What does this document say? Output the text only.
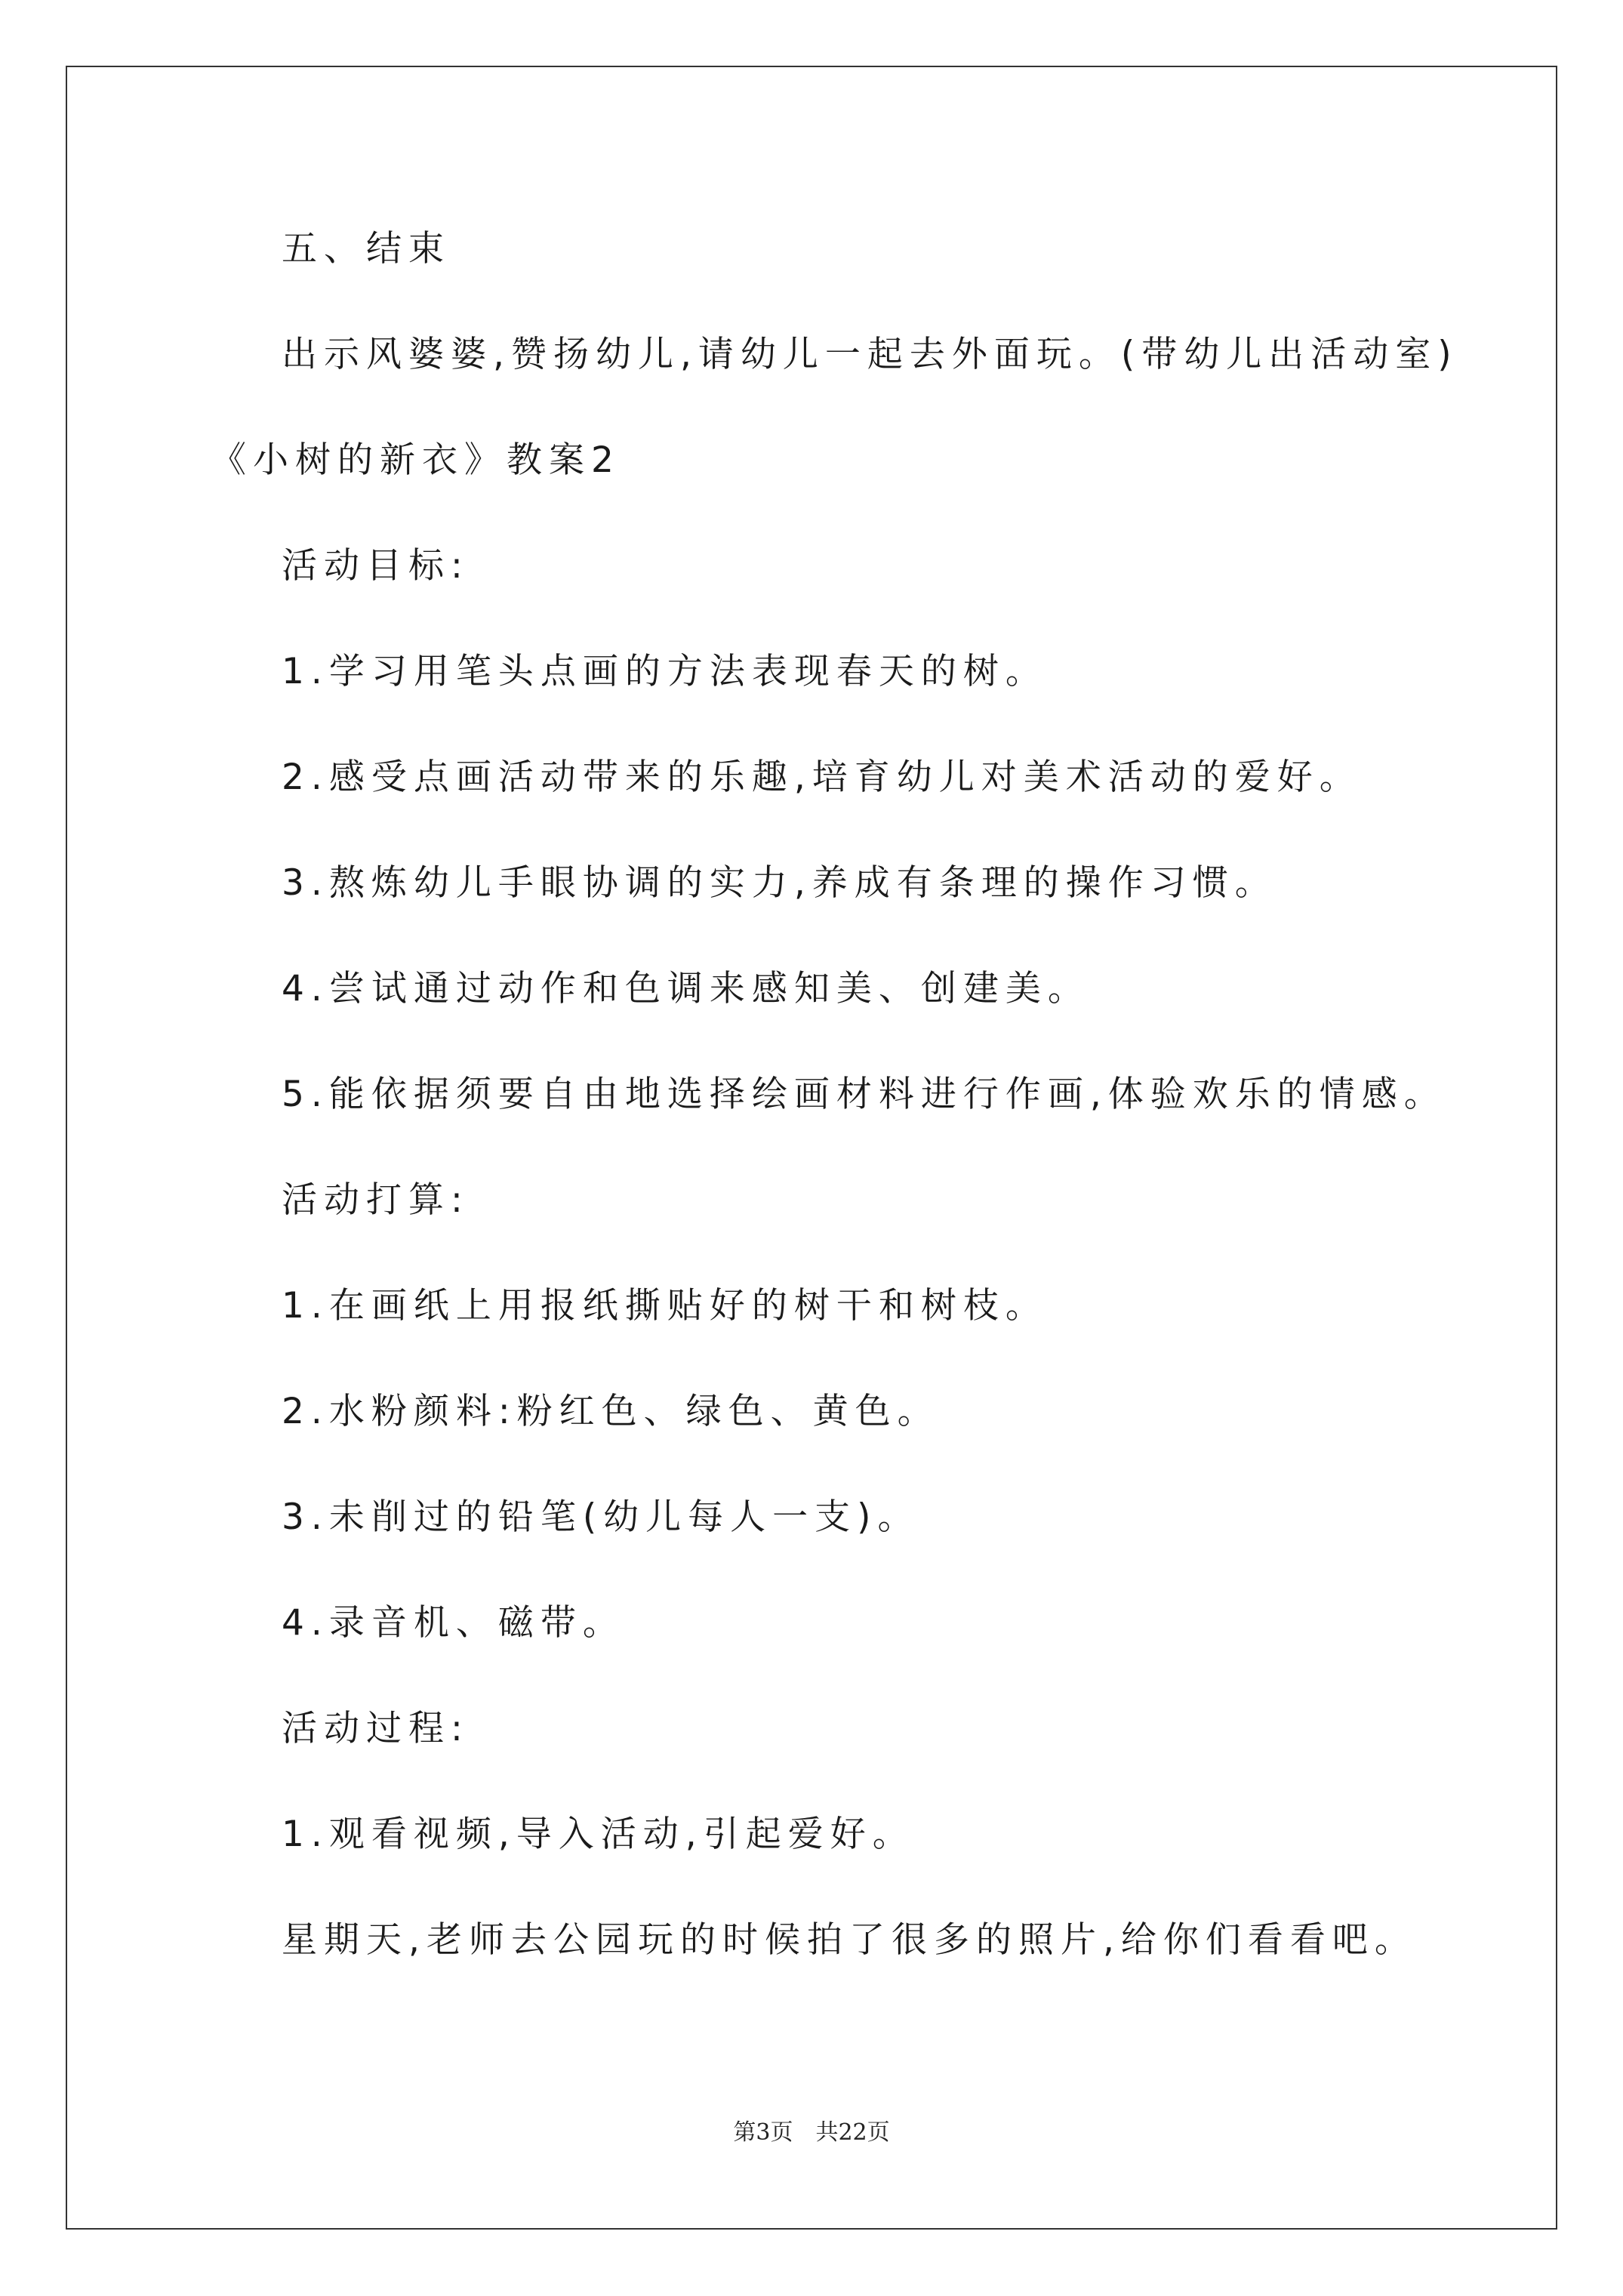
五、结束
出示风婆婆,赞扬幼儿,请幼儿一起去外面玩。(带幼儿出活动室)
《小树的新衣》教案2
活动目标:
1.学习用笔头点画的方法表现春天的树。
2.感受点画活动带来的乐趣,培育幼儿对美术活动的爱好。
3.熬炼幼儿手眼协调的实力,养成有条理的操作习惯。
4.尝试通过动作和色调来感知美、创建美。
5.能依据须要自由地选择绘画材料进行作画,体验欢乐的情感。
活动打算:
1.在画纸上用报纸撕贴好的树干和树枝。
2.水粉颜料:粉红色、绿色、黄色。
3.未削过的铅笔(幼儿每人一支)。
4.录音机、磁带。
活动过程:
1.观看视频,导入活动,引起爱好。
星期天,老师去公园玩的时候拍了很多的照片,给你们看看吧。
第3页 共22页
